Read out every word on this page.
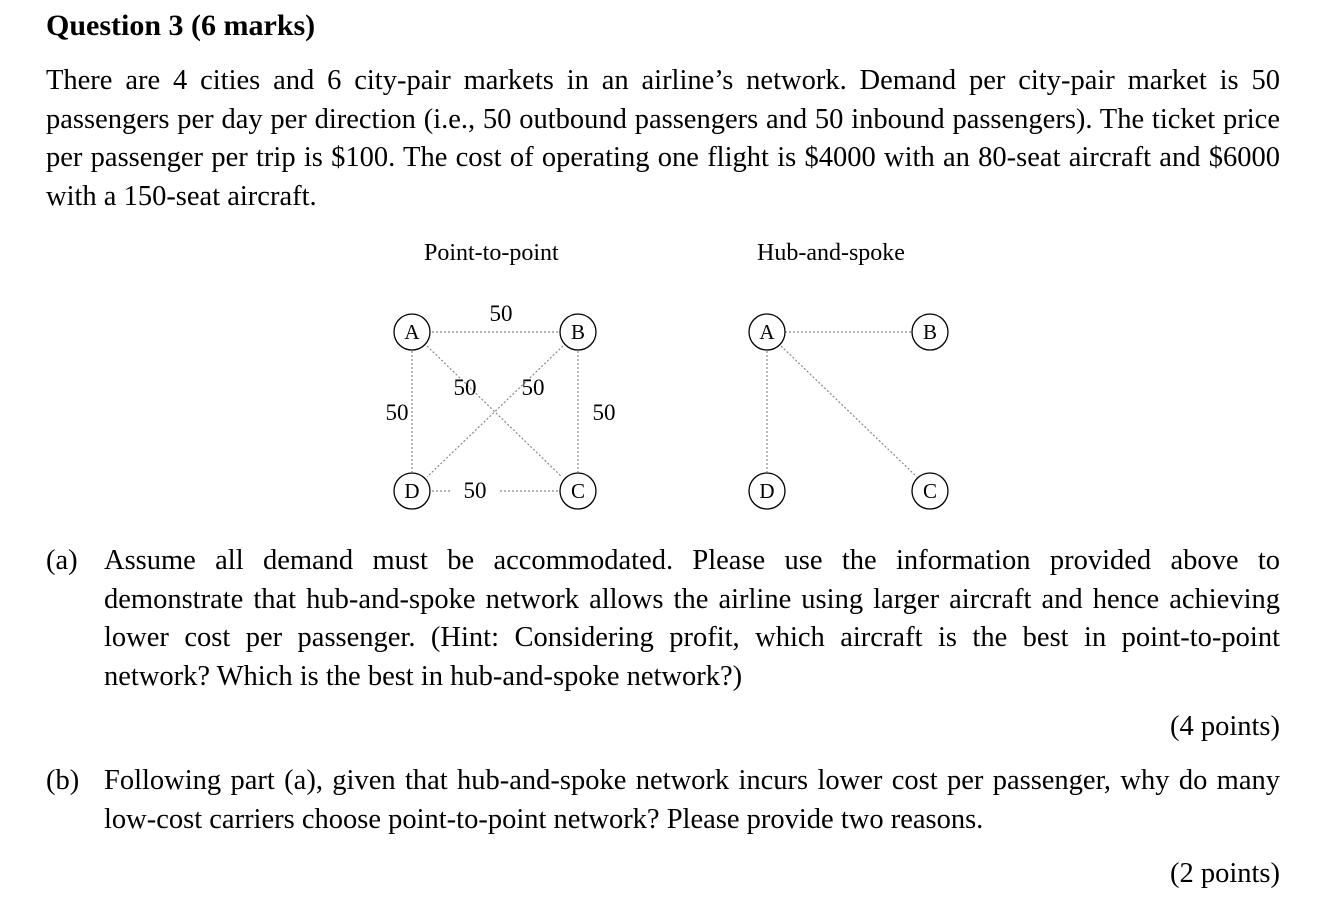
Question 3 (6 marks)

There are 4 cities and 6 city-pair markets in an airline’s network. Demand per city-pair market is 50 passengers per day per direction (i.e., 50 outbound passengers and 50 inbound passengers). The ticket price per passenger per trip is $100. The cost of operating one flight is $4000 with an 80-seat aircraft and $6000 with a 150-seat aircraft.

Point-to-point
A	B
C
D
50
50	50
50
50 50
Hub-and-spoke
A	B
C
D
(a) Assume all demand must be accommodated. Please use the information provided above to demonstrate that hub-and-spoke network allows the airline using larger aircraft and hence achieving lower cost per passenger. (Hint: Considering profit, which aircraft is the best in point-to-point network? Which is the best in hub-and-spoke network?)
(4 points)
(b) Following part (a), given that hub-and-spoke network incurs lower cost per passenger, why do many low-cost carriers choose point-to-point network? Please provide two reasons.
(2 points)
